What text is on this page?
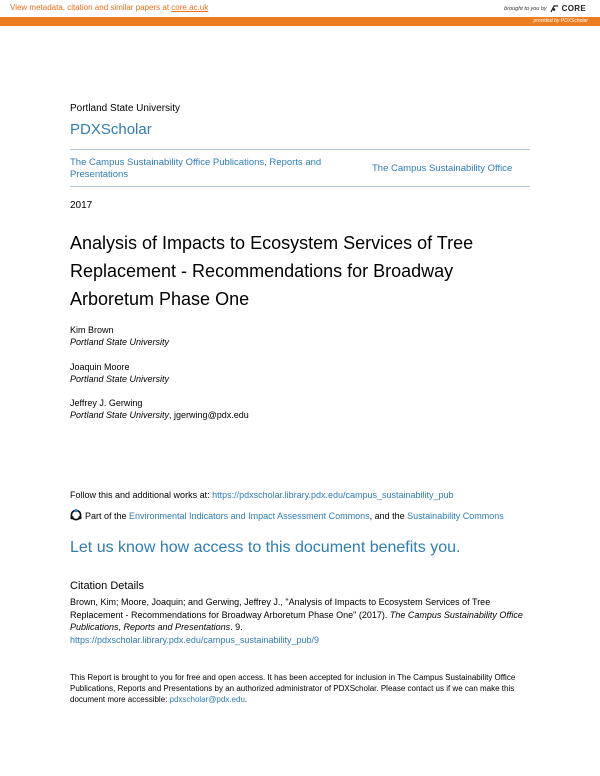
View metadata, citation and similar papers at core.ac.uk	brought to you by CORE
provided by PDXScholar
Portland State University
PDXScholar
The Campus Sustainability Office Publications, Reports and Presentations
The Campus Sustainability Office
2017
Analysis of Impacts to Ecosystem Services of Tree Replacement - Recommendations for Broadway Arboretum Phase One
Kim Brown
Portland State University
Joaquin Moore
Portland State University
Jeffrey J. Gerwing
Portland State University, jgerwing@pdx.edu
Follow this and additional works at: https://pdxscholar.library.pdx.edu/campus_sustainability_pub
Part of the Environmental Indicators and Impact Assessment Commons, and the Sustainability Commons
Let us know how access to this document benefits you.
Citation Details
Brown, Kim; Moore, Joaquin; and Gerwing, Jeffrey J., "Analysis of Impacts to Ecosystem Services of Tree Replacement - Recommendations for Broadway Arboretum Phase One" (2017). The Campus Sustainability Office Publications, Reports and Presentations. 9.
https://pdxscholar.library.pdx.edu/campus_sustainability_pub/9
This Report is brought to you for free and open access. It has been accepted for inclusion in The Campus Sustainability Office Publications, Reports and Presentations by an authorized administrator of PDXScholar. Please contact us if we can make this document more accessible: pdxscholar@pdx.edu.
